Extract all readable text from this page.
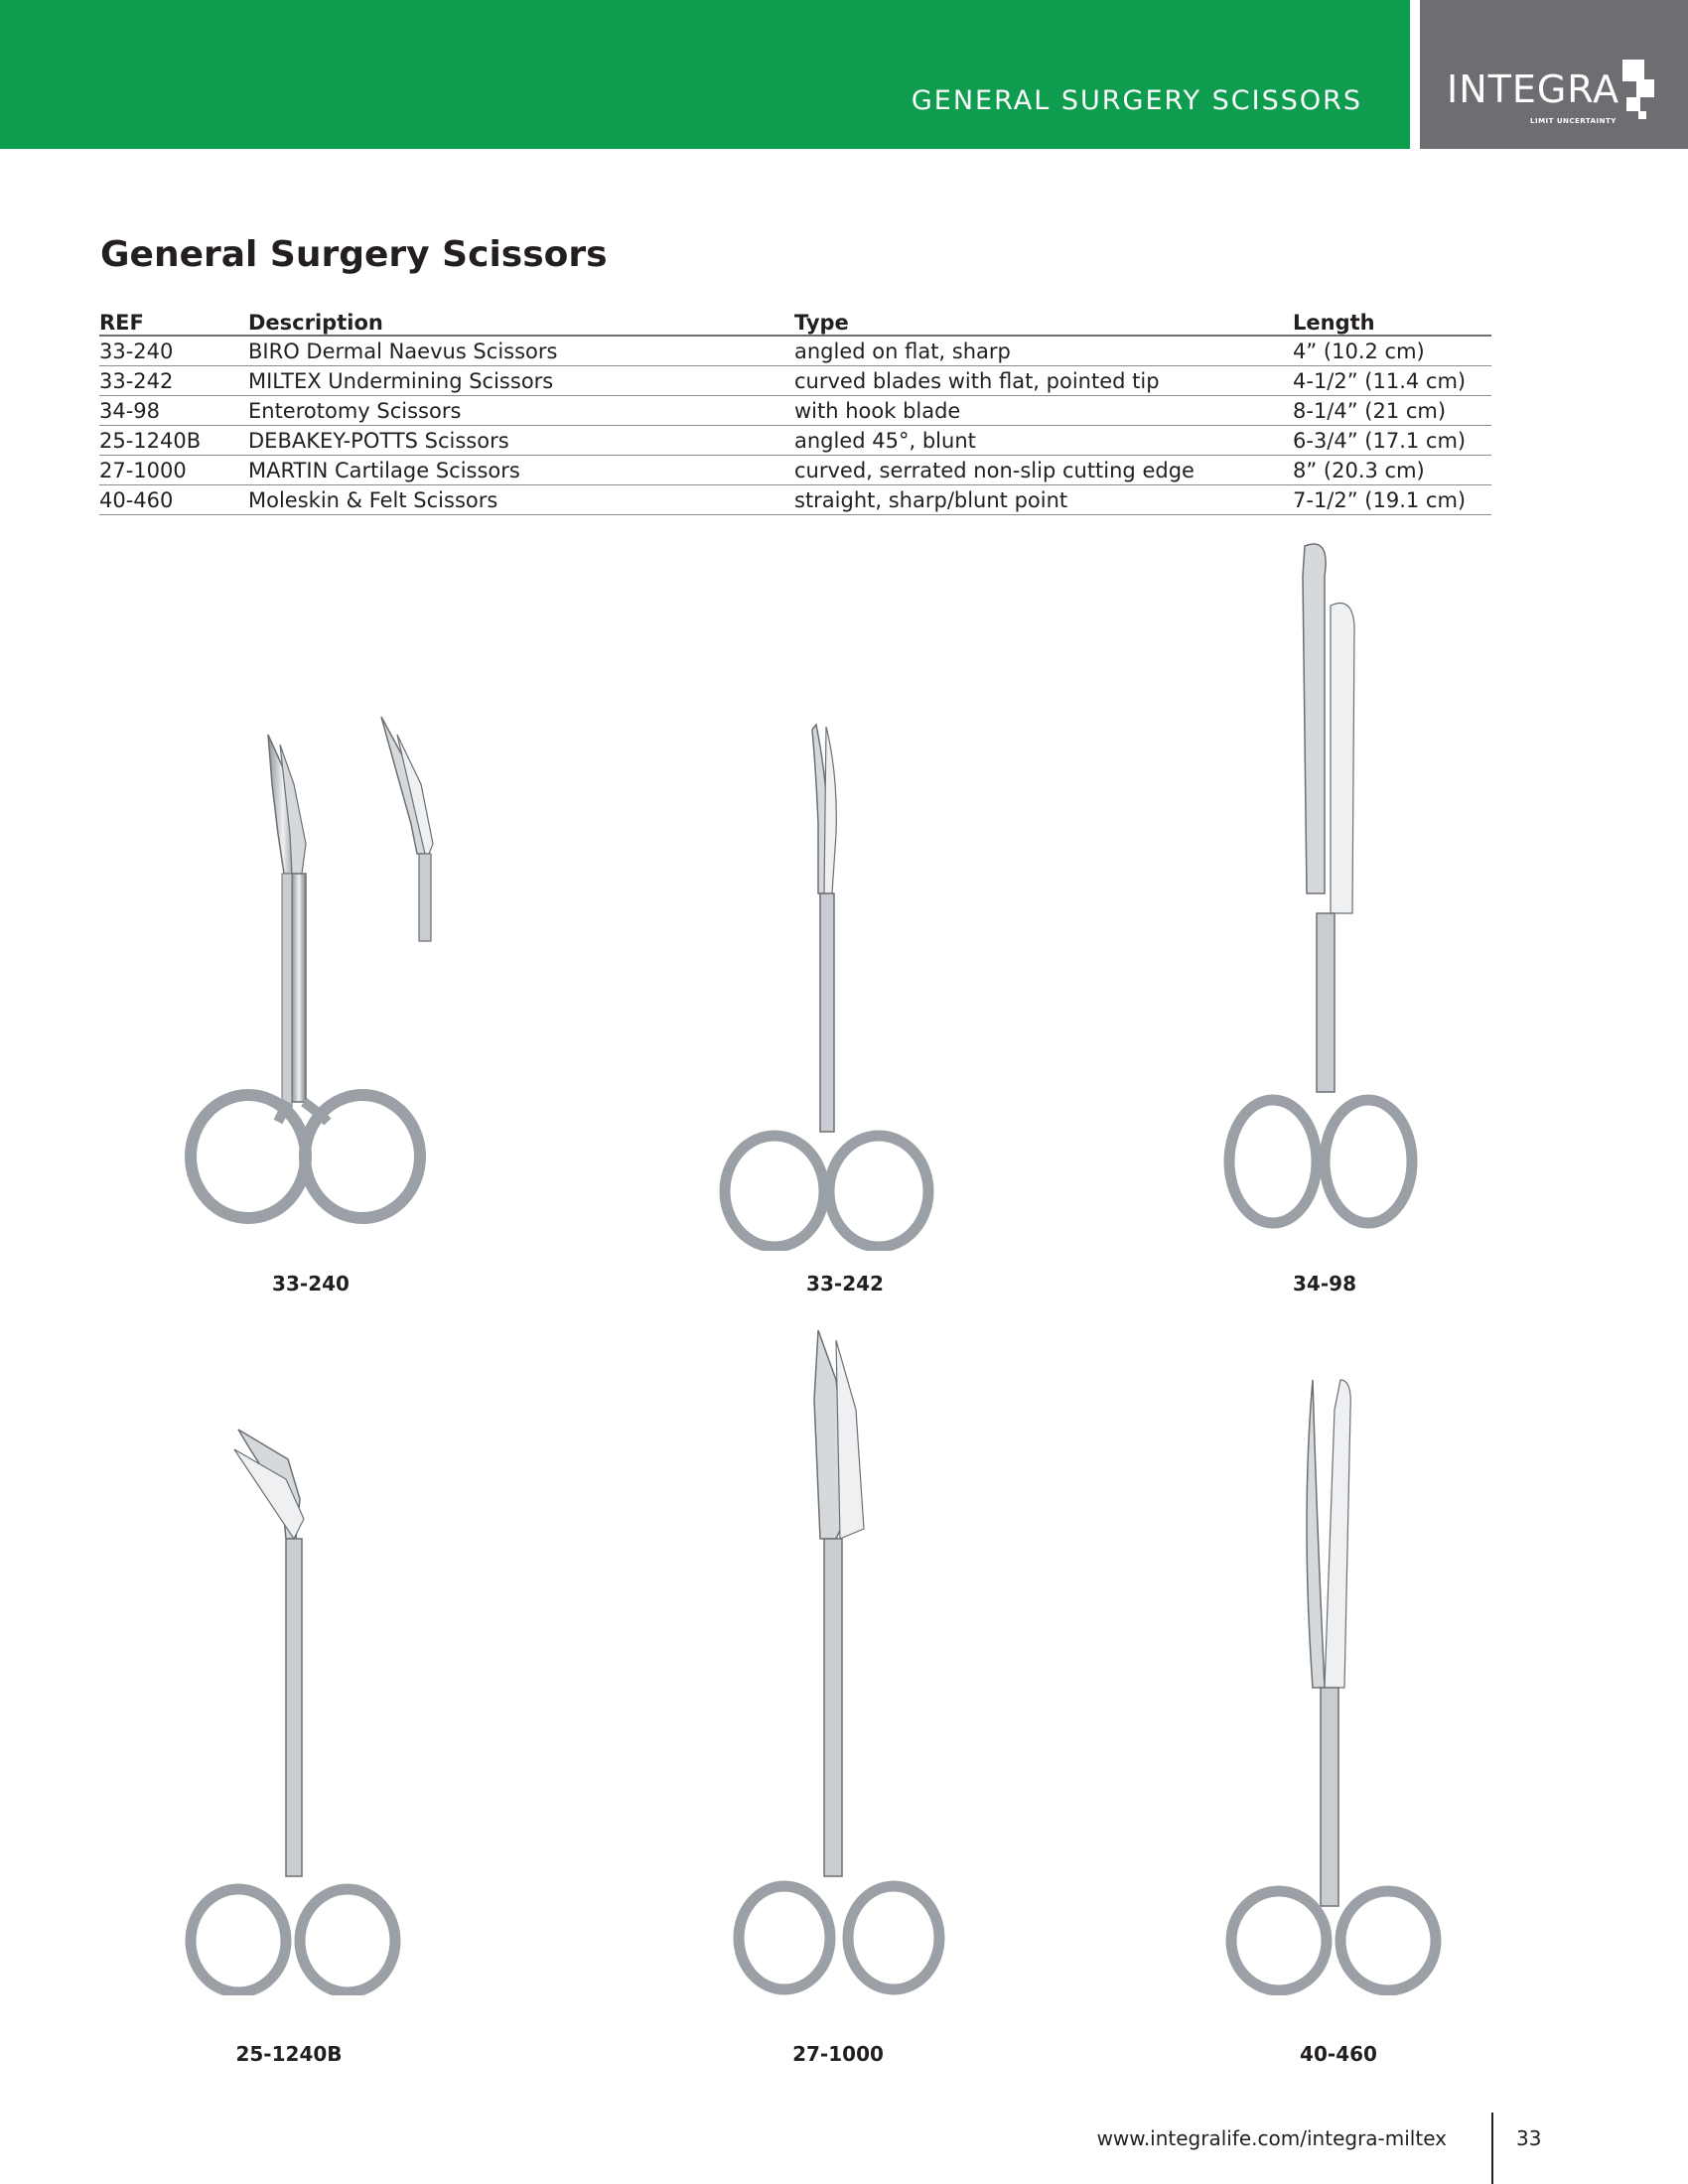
GENERAL SURGERY SCISSORS INTEGRA
LIMIT UNCERTAINTY
General Surgery Scissors
REF	Description	Type	Length
33-240	BIRO Dermal Naevus Scissors	angled on flat, sharp	4” (10.2 cm)
33-242	MILTEX Undermining Scissors	curved blades with flat, pointed tip	4-1/2” (11.4 cm)
34-98	Enterotomy Scissors	with hook blade	8-1/4” (21 cm)
25-1240B	DEBAKEY-POTTS Scissors	angled 45°, blunt	6-3/4” (17.1 cm)
27-1000	MARTIN Cartilage Scissors	curved, serrated non-slip cutting edge	8” (20.3 cm)
40-460	Moleskin & Felt Scissors	straight, sharp/blunt point	7-1/2” (19.1 cm)
33-240	33-242	34-98
25-1240B	27-1000	40-460
www.integralife.com/integra-miltex	33
